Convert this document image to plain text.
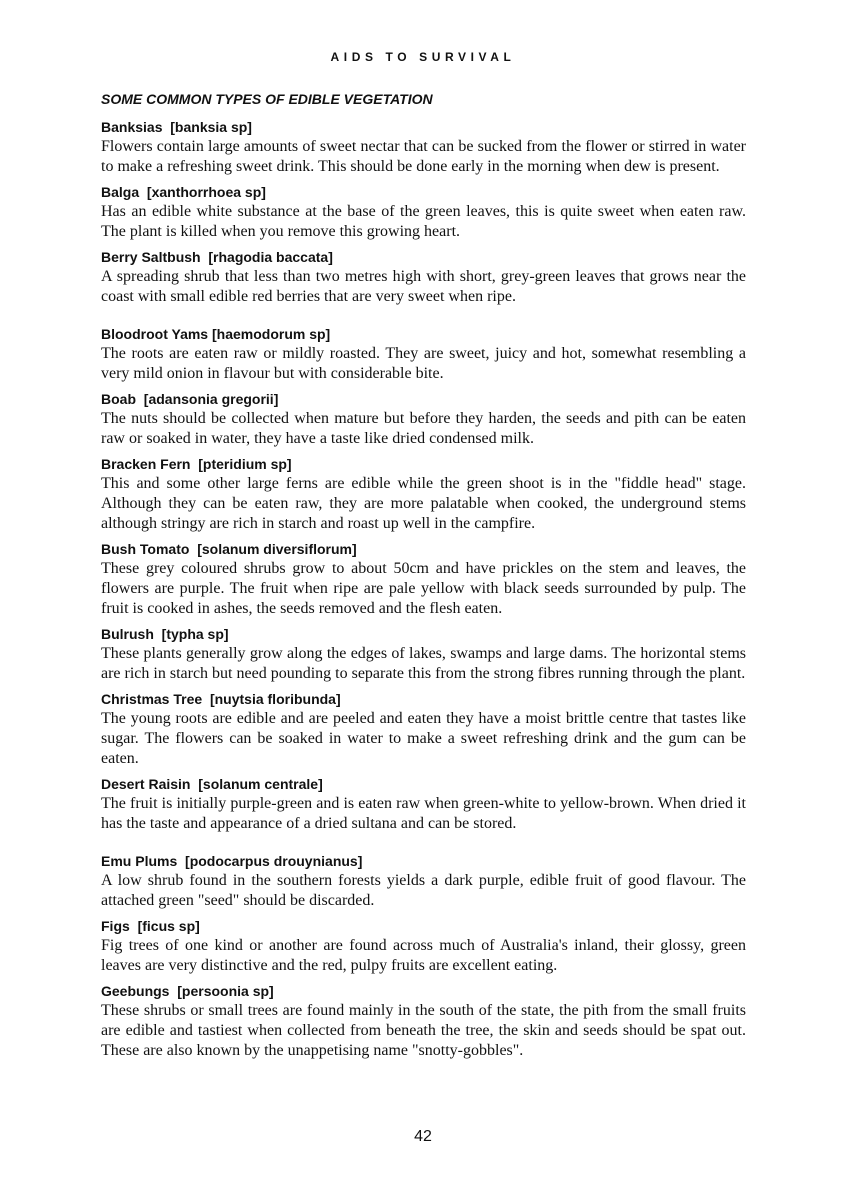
AIDS TO SURVIVAL
SOME COMMON TYPES OF EDIBLE VEGETATION
Banksias [banksia sp]
Flowers contain large amounts of sweet nectar that can be sucked from the flower or stirred in water to make a refreshing sweet drink. This should be done early in the morning when dew is present.
Balga [xanthorrhoea sp]
Has an edible white substance at the base of the green leaves, this is quite sweet when eaten raw. The plant is killed when you remove this growing heart.
Berry Saltbush [rhagodia baccata]
A spreading shrub that less than two metres high with short, grey-green leaves that grows near the coast with small edible red berries that are very sweet when ripe.
Bloodroot Yams [haemodorum sp]
The roots are eaten raw or mildly roasted. They are sweet, juicy and hot, somewhat resembling a very mild onion in flavour but with considerable bite.
Boab [adansonia gregorii]
The nuts should be collected when mature but before they harden, the seeds and pith can be eaten raw or soaked in water, they have a taste like dried condensed milk.
Bracken Fern [pteridium sp]
This and some other large ferns are edible while the green shoot is in the "fiddle head" stage. Although they can be eaten raw, they are more palatable when cooked, the underground stems although stringy are rich in starch and roast up well in the campfire.
Bush Tomato [solanum diversiflorum]
These grey coloured shrubs grow to about 50cm and have prickles on the stem and leaves, the flowers are purple. The fruit when ripe are pale yellow with black seeds surrounded by pulp. The fruit is cooked in ashes, the seeds removed and the flesh eaten.
Bulrush [typha sp]
These plants generally grow along the edges of lakes, swamps and large dams. The horizontal stems are rich in starch but need pounding to separate this from the strong fibres running through the plant.
Christmas Tree [nuytsia floribunda]
The young roots are edible and are peeled and eaten they have a moist brittle centre that tastes like sugar. The flowers can be soaked in water to make a sweet refreshing drink and the gum can be eaten.
Desert Raisin [solanum centrale]
The fruit is initially purple-green and is eaten raw when green-white to yellow-brown. When dried it has the taste and appearance of a dried sultana and can be stored.
Emu Plums [podocarpus drouynianus]
A low shrub found in the southern forests yields a dark purple, edible fruit of good flavour. The attached green "seed" should be discarded.
Figs [ficus sp]
Fig trees of one kind or another are found across much of Australia's inland, their glossy, green leaves are very distinctive and the red, pulpy fruits are excellent eating.
Geebungs [persoonia sp]
These shrubs or small trees are found mainly in the south of the state, the pith from the small fruits are edible and tastiest when collected from beneath the tree, the skin and seeds should be spat out. These are also known by the unappetising name "snotty-gobbles".
42
